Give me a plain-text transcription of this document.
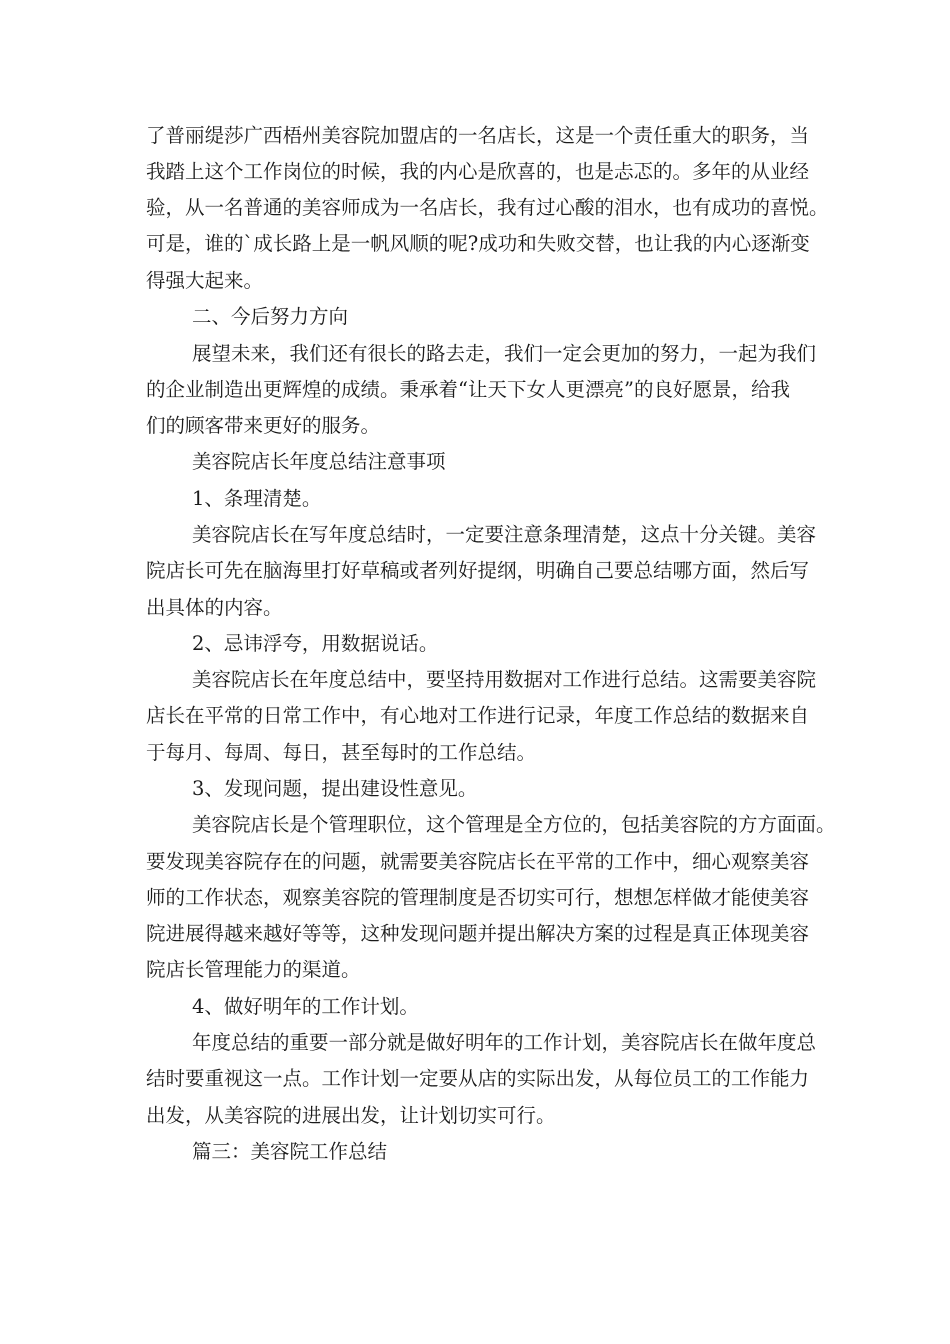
了普丽缇莎广西梧州美容院加盟店的一名店长，这是一个责任重大的职务，当
我踏上这个工作岗位的时候，我的内心是欣喜的，也是忐忑的。多年的从业经
验，从一名普通的美容师成为一名店长，我有过心酸的泪水，也有成功的喜悦。
可是，谁的`成长路上是一帆风顺的呢?成功和失败交替，也让我的内心逐渐变
得强大起来。
二、今后努力方向
展望未来，我们还有很长的路去走，我们一定会更加的努力，一起为我们
的企业制造出更辉煌的成绩。秉承着“让天下女人更漂亮”的良好愿景，给我
们的顾客带来更好的服务。
美容院店长年度总结注意事项
1、条理清楚。
美容院店长在写年度总结时，一定要注意条理清楚，这点十分关键。美容
院店长可先在脑海里打好草稿或者列好提纲，明确自己要总结哪方面，然后写
出具体的内容。
2、忌讳浮夸，用数据说话。
美容院店长在年度总结中，要坚持用数据对工作进行总结。这需要美容院
店长在平常的日常工作中，有心地对工作进行记录，年度工作总结的数据来自
于每月、每周、每日，甚至每时的工作总结。
3、发现问题，提出建设性意见。
美容院店长是个管理职位，这个管理是全方位的，包括美容院的方方面面。
要发现美容院存在的问题，就需要美容院店长在平常的工作中，细心观察美容
师的工作状态，观察美容院的管理制度是否切实可行，想想怎样做才能使美容
院进展得越来越好等等，这种发现问题并提出解决方案的过程是真正体现美容
院店长管理能力的渠道。
4、做好明年的工作计划。
年度总结的重要一部分就是做好明年的工作计划，美容院店长在做年度总
结时要重视这一点。工作计划一定要从店的实际出发，从每位员工的工作能力
出发，从美容院的进展出发，让计划切实可行。
篇三：美容院工作总结
